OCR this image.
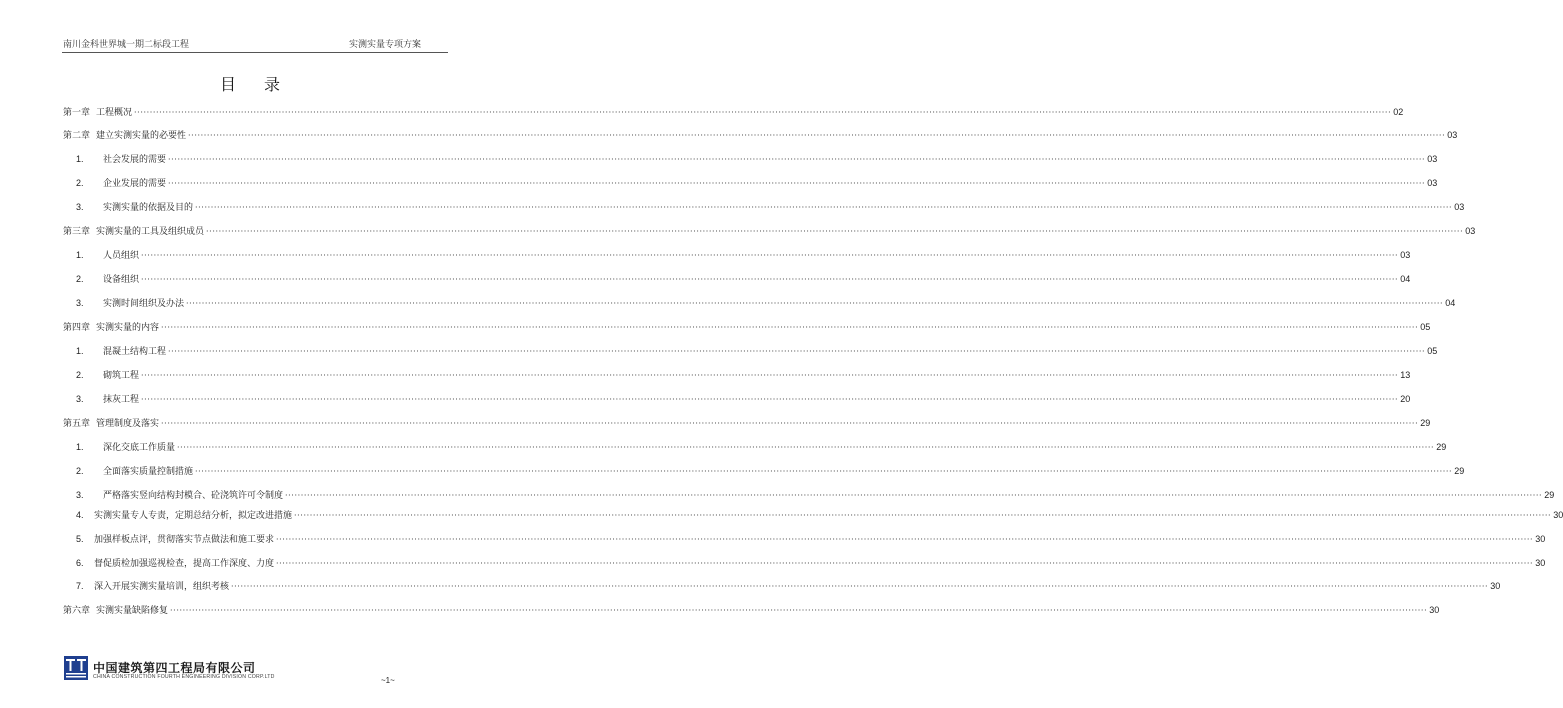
南川金科世界城一期二标段工程	实测实量专项方案
目录
第一章 工程概况 ················································································································································································································································································································································································································ 02
第二章 建立实测实量的必要性 ················································································································································································································································································································································································································ 03
1.	社会发展的需要 ················································································································································································································································································································································································································ 03
2.	企业发展的需要 ················································································································································································································································································································································································································ 03
3.	实测实量的依据及目的 ················································································································································································································································································································································································································ 03
第三章 实测实量的工具及组织成员 ················································································································································································································································································································································································································ 03
1.	人员组织 ················································································································································································································································································································································································································ 03
2.	设备组织 ················································································································································································································································································································································································································ 04
3.	实测时间组织及办法 ················································································································································································································································································································································································································ 04
第四章 实测实量的内容 ················································································································································································································································································································································································································ 05
1.	混凝土结构工程 ················································································································································································································································································································································································································ 05
2.	砌筑工程 ················································································································································································································································································································································································································ 13
3.	抹灰工程 ················································································································································································································································································································································································································ 20
第五章 管理制度及落实 ················································································································································································································································································································································································································ 29
1.	深化交底工作质量 ················································································································································································································································································································································································································ 29
2.	全面落实质量控制措施 ················································································································································································································································································································································································································ 29
3.	严格落实竖向结构封模合、砼浇筑许可令制度 ················································································································································································································································································································································································································ 29
4.	实测实量专人专责，定期总结分析，拟定改进措施 ················································································································································································································································································································································································································ 30
5.	加强样板点评，贯彻落实节点做法和施工要求 ················································································································································································································································································································································································································ 30
6.	督促质检加强巡视检查，提高工作深度、力度 ················································································································································································································································································································································································································ 30
7.	深入开展实测实量培训，组织考核 ················································································································································································································································································································································································································ 30
第六章 实测实量缺陷修复 ················································································································································································································································································································································································································ 30
中国建筑第四工程局有限公司
CHINA CONSTRUCTION FOURTH ENGINEERING DIVISION CORP.LTD	~1~
